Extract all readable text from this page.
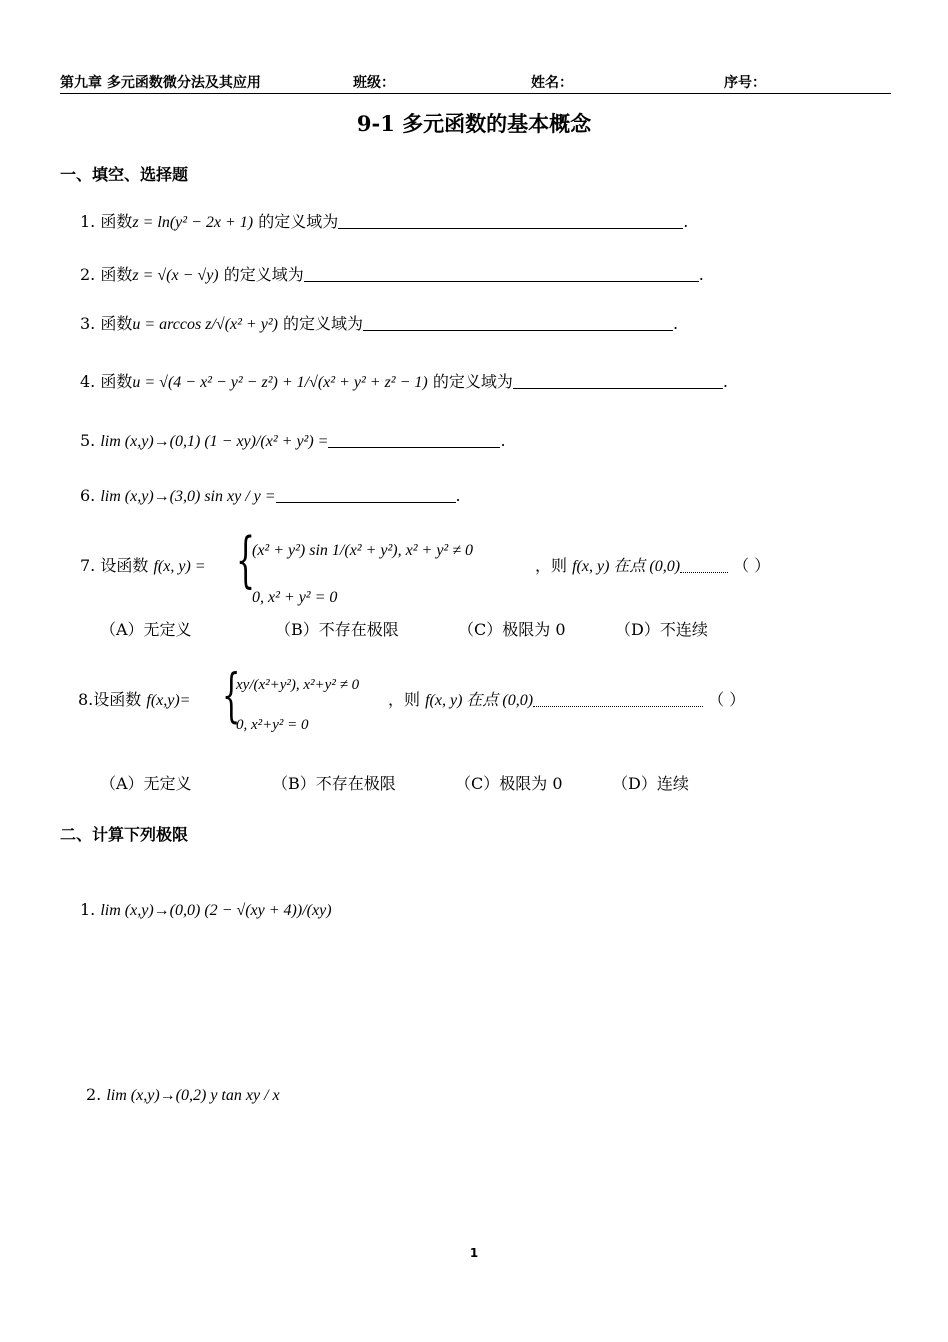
第九章 多元函数微分法及其应用	班级：	姓名：	序号：
9-1 多元函数的基本概念
一、填空、选择题
1. 函数z = ln(y² − 2x + 1) 的定义域为	.
2. 函数z = √(x − √y) 的定义域为	.
3. 函数u = arccos z/√(x² + y²) 的定义域为	.
4. 函数u = √(4 − x² − y² − z²) + 1/√(x² + y² + z² − 1) 的定义域为	.
5. lim (x,y)→(0,1) (1 − xy)/(x² + y²) =	.
6. lim (x,y)→(3,0) sin xy / y =	.
7. 设函数 f(x, y) = {
(x² + y²) sin 1/(x² + y²), x² + y² ≠ 0
0, x² + y² = 0
，则 f(x, y) 在点 (0,0)	（ ）
（A）无定义	（B）不存在极限	（C）极限为 0	（D）不连续
8.设函数 f(x,y)= {
xy/(x²+y²), x²+y² ≠ 0
0, x²+y² = 0
，则 f(x, y) 在点 (0,0)	（ ）
（A）无定义	（B）不存在极限	（C）极限为 0	（D）连续
二、计算下列极限
1. lim (x,y)→(0,0) (2 − √(xy + 4))/(xy)
2. lim (x,y)→(0,2) y tan xy / x
1
